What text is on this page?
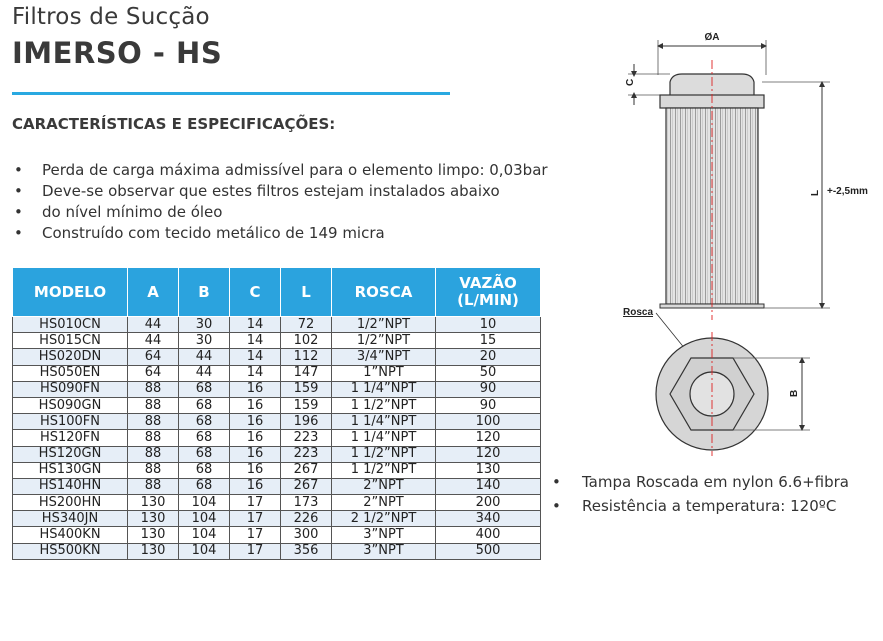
Filtros de Sucção
IMERSO - HS
CARACTERÍSTICAS E ESPECIFICAÇÕES:
• Perda de carga máxima admissível para o elemento limpo: 0,03bar
• Deve-se observar que estes filtros estejam instalados abaixo
• do nível mínimo de óleo
• Construído com tecido metálico de 149 micra
MODELO	A	B	C	L	ROSCA	VAZÃO
(L/MIN)

HS010CN	44	30	14	72	1/2”NPT	10
HS015CN	44	30	14	102	1/2”NPT	15
HS020DN	64	44	14	112	3/4”NPT	20
HS050EN	64	44	14	147	1”NPT	50
HS090FN	88	68	16	159	1 1/4”NPT	90
HS090GN	88	68	16	159	1 1/2”NPT	90
HS100FN	88	68	16	196	1 1/4”NPT	100
HS120FN	88	68	16	223	1 1/4”NPT	120
HS120GN	88	68	16	223	1 1/2”NPT	120
HS130GN	88	68	16	267	1 1/2”NPT	130
HS140HN	88	68	16	267	2”NPT	140
HS200HN	130	104	17	173	2”NPT	200
HS340JN	130	104	17	226	2 1/2”NPT	340
HS400KN	130	104	17	300	3”NPT	400
HS500KN	130	104	17	356	3”NPT	500
ØA
C
L +-2,5mm
Rosca
B
• Tampa Roscada em nylon 6.6+fibra
• Resistência a temperatura: 120ºC
